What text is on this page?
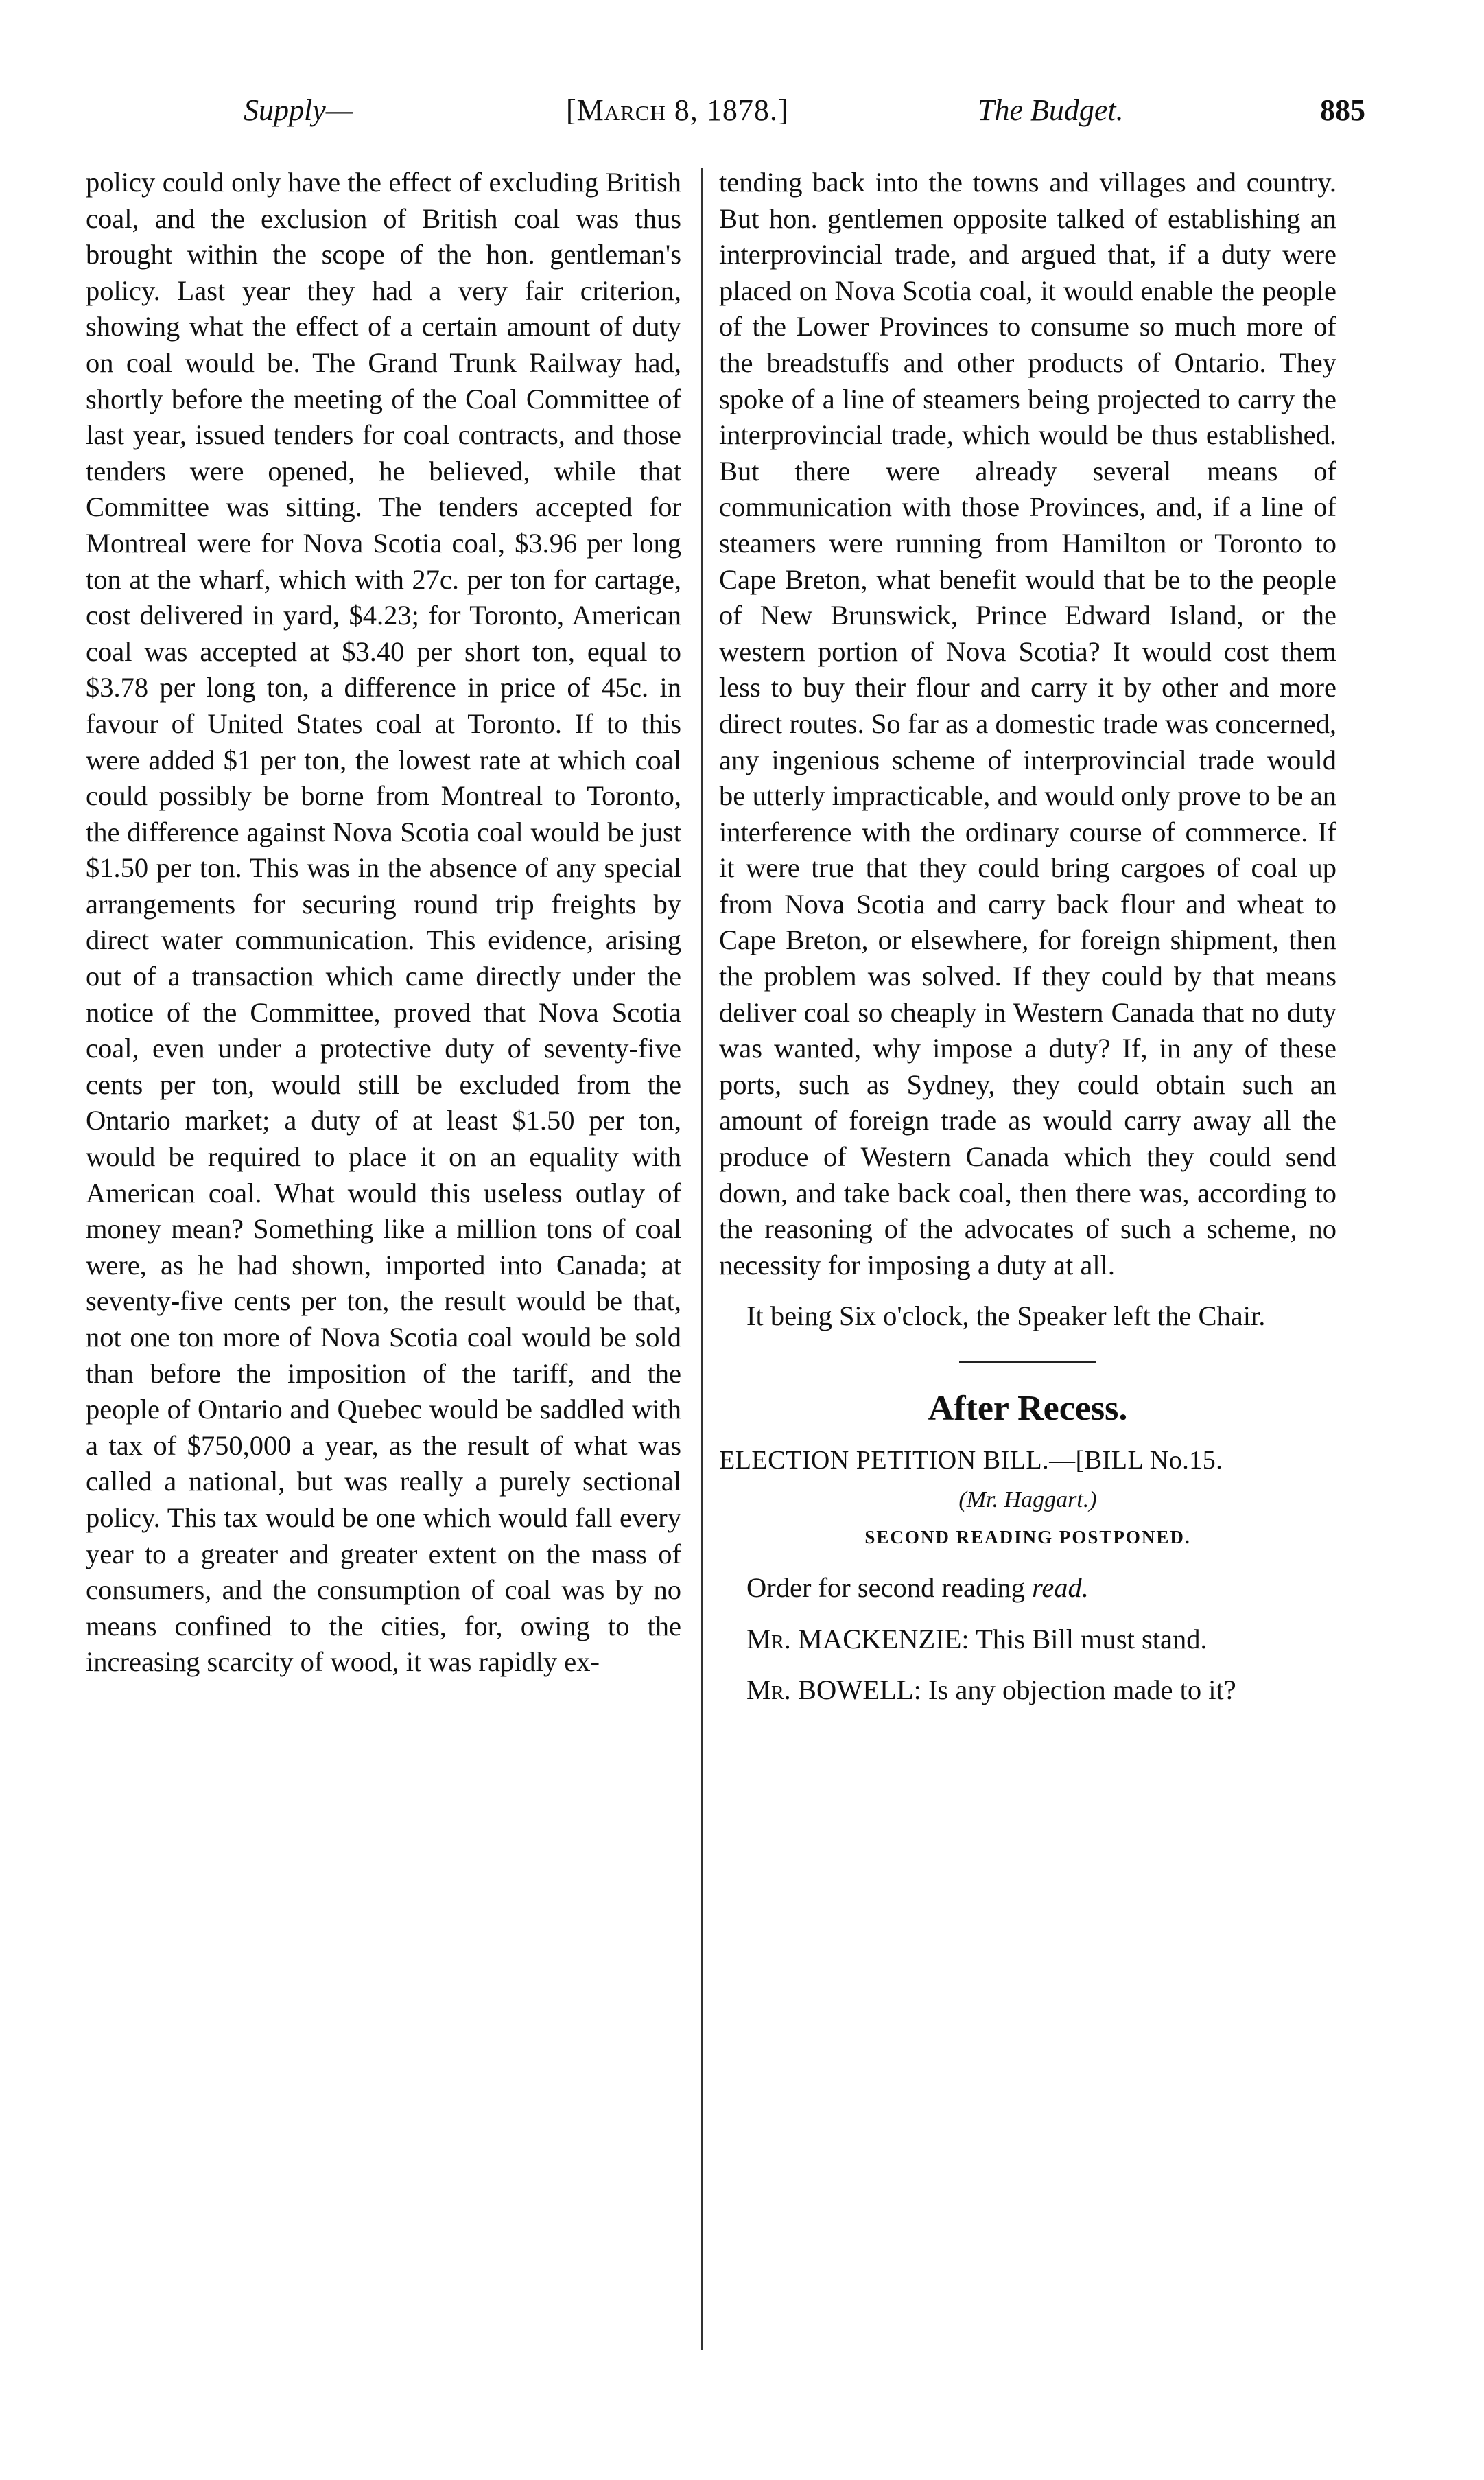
Supply—	[March 8, 1878.]	The Budget.	885

policy could only have the effect of excluding British coal, and the exclusion of British coal was thus brought within the scope of the hon. gentleman's policy. Last year they had a very fair criterion, showing what the effect of a certain amount of duty on coal would be. The Grand Trunk Railway had, shortly before the meeting of the Coal Committee of last year, issued tenders for coal contracts, and those tenders were opened, he believed, while that Committee was sitting. The tenders accepted for Montreal were for Nova Scotia coal, $3.96 per long ton at the wharf, which with 27c. per ton for cartage, cost delivered in yard, $4.23; for Toronto, American coal was accepted at $3.40 per short ton, equal to $3.78 per long ton, a difference in price of 45c. in favour of United States coal at Toronto. If to this were added $1 per ton, the lowest rate at which coal could possibly be borne from Montreal to Toronto, the difference against Nova Scotia coal would be just $1.50 per ton. This was in the absence of any special arrangements for securing round trip freights by direct water communication. This evidence, arising out of a transaction which came directly under the notice of the Committee, proved that Nova Scotia coal, even under a protective duty of seventy-five cents per ton, would still be excluded from the Ontario market; a duty of at least $1.50 per ton, would be required to place it on an equality with American coal. What would this useless outlay of money mean? Something like a million tons of coal were, as he had shown, imported into Canada; at seventy-five cents per ton, the result would be that, not one ton more of Nova Scotia coal would be sold than before the imposition of the tariff, and the people of Ontario and Quebec would be saddled with a tax of $750,000 a year, as the result of what was called a national, but was really a purely sectional policy. This tax would be one which would fall every year to a greater and greater extent on the mass of consumers, and the consumption of coal was by no means confined to the cities, for, owing to the increasing scarcity of wood, it was rapidly ex-

tending back into the towns and villages and country. But hon. gentlemen opposite talked of establishing an interprovincial trade, and argued that, if a duty were placed on Nova Scotia coal, it would enable the people of the Lower Provinces to consume so much more of the breadstuffs and other products of Ontario. They spoke of a line of steamers being projected to carry the interprovincial trade, which would be thus established. But there were already several means of communication with those Provinces, and, if a line of steamers were running from Hamilton or Toronto to Cape Breton, what benefit would that be to the people of New Brunswick, Prince Edward Island, or the western portion of Nova Scotia? It would cost them less to buy their flour and carry it by other and more direct routes. So far as a domestic trade was concerned, any ingenious scheme of interprovincial trade would be utterly impracticable, and would only prove to be an interference with the ordinary course of commerce. If it were true that they could bring cargoes of coal up from Nova Scotia and carry back flour and wheat to Cape Breton, or elsewhere, for foreign shipment, then the problem was solved. If they could by that means deliver coal so cheaply in Western Canada that no duty was wanted, why impose a duty? If, in any of these ports, such as Sydney, they could obtain such an amount of foreign trade as would carry away all the produce of Western Canada which they could send down, and take back coal, then there was, according to the reasoning of the advocates of such a scheme, no necessity for imposing a duty at all.

It being Six o'clock, the Speaker left the Chair.

After Recess.

ELECTION PETITION BILL.—[BILL No.15.

(Mr. Haggart.)

SECOND READING POSTPONED.

Order for second reading read.

Mr. MACKENZIE: This Bill must stand.

Mr. BOWELL: Is any objection made to it?
